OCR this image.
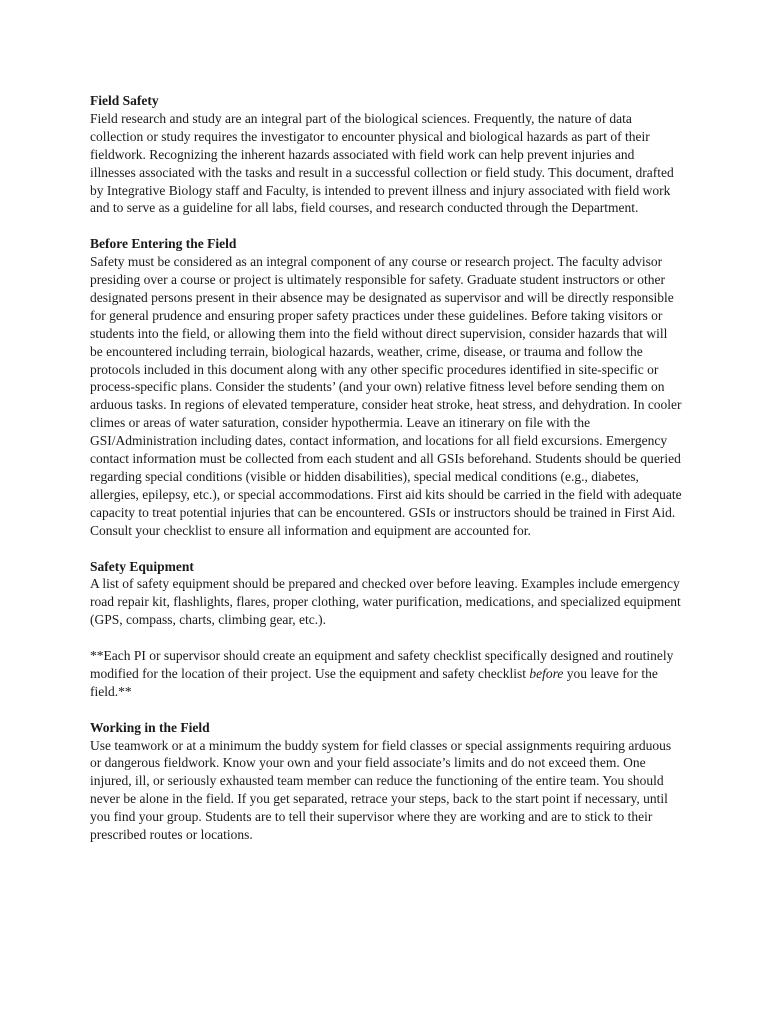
Field Safety

Field research and study are an integral part of the biological sciences. Frequently, the nature of data collection or study requires the investigator to encounter physical and biological hazards as part of their fieldwork. Recognizing the inherent hazards associated with field work can help prevent injuries and illnesses associated with the tasks and result in a successful collection or field study. This document, drafted by Integrative Biology staff and Faculty, is intended to prevent illness and injury associated with field work and to serve as a guideline for all labs, field courses, and research conducted through the Department.

Before Entering the Field

Safety must be considered as an integral component of any course or research project. The faculty advisor presiding over a course or project is ultimately responsible for safety. Graduate student instructors or other designated persons present in their absence may be designated as supervisor and will be directly responsible for general prudence and ensuring proper safety practices under these guidelines. Before taking visitors or students into the field, or allowing them into the field without direct supervision, consider hazards that will be encountered including terrain, biological hazards, weather, crime, disease, or trauma and follow the protocols included in this document along with any other specific procedures identified in site-specific or process-specific plans. Consider the students’ (and your own) relative fitness level before sending them on arduous tasks. In regions of elevated temperature, consider heat stroke, heat stress, and dehydration. In cooler climes or areas of water saturation, consider hypothermia. Leave an itinerary on file with the GSI/Administration including dates, contact information, and locations for all field excursions. Emergency contact information must be collected from each student and all GSIs beforehand. Students should be queried regarding special conditions (visible or hidden disabilities), special medical conditions (e.g., diabetes, allergies, epilepsy, etc.), or special accommodations. First aid kits should be carried in the field with adequate capacity to treat potential injuries that can be encountered. GSIs or instructors should be trained in First Aid. Consult your checklist to ensure all information and equipment are accounted for.

Safety Equipment

A list of safety equipment should be prepared and checked over before leaving. Examples include emergency road repair kit, flashlights, flares, proper clothing, water purification, medications, and specialized equipment (GPS, compass, charts, climbing gear, etc.).

**Each PI or supervisor should create an equipment and safety checklist specifically designed and routinely modified for the location of their project. Use the equipment and safety checklist before you leave for the field.**

Working in the Field

Use teamwork or at a minimum the buddy system for field classes or special assignments requiring arduous or dangerous fieldwork. Know your own and your field associate’s limits and do not exceed them. One injured, ill, or seriously exhausted team member can reduce the functioning of the entire team. You should never be alone in the field. If you get separated, retrace your steps, back to the start point if necessary, until you find your group. Students are to tell their supervisor where they are working and are to stick to their prescribed routes or locations.
